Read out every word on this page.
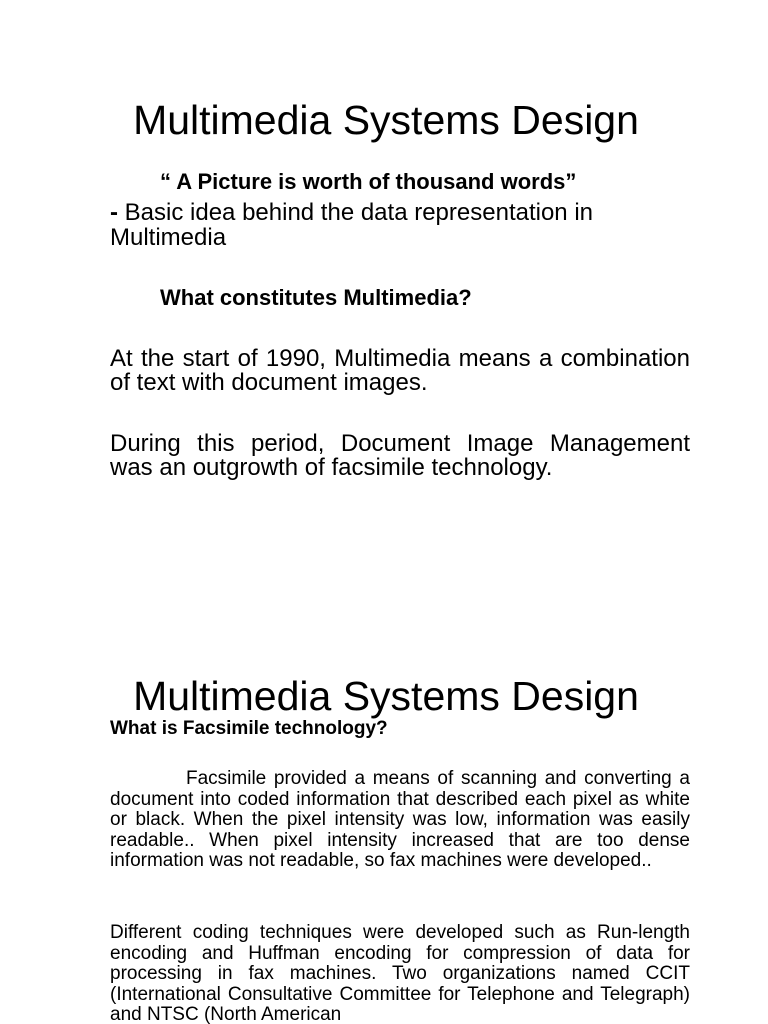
Multimedia Systems Design

“ A Picture is worth of thousand words”

- Basic idea behind the data representation in Multimedia

What constitutes Multimedia?

At the start of 1990, Multimedia means a combination of text with document images.

During this period, Document Image Management was an outgrowth of facsimile technology.

Multimedia Systems Design

What is Facsimile technology?

Facsimile provided a means of scanning and converting a document into coded information that described each pixel as white or black. When the pixel intensity was low, information was easily readable.. When pixel intensity increased that are too dense information was not readable, so fax machines were developed..

Different coding techniques were developed such as Run-length encoding and Huffman encoding for compression of data for processing in fax machines. Two organizations named CCIT (International Consultative Committee for Telephone and Telegraph) and NTSC (North American
